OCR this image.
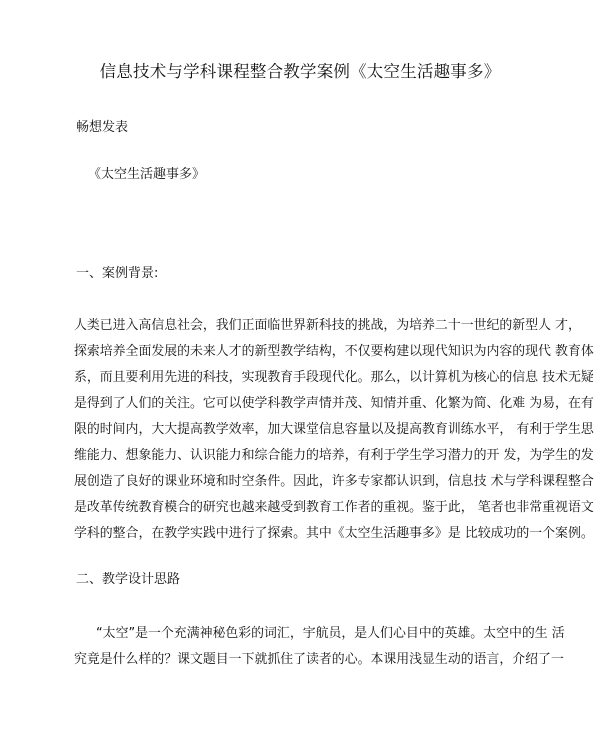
信息技术与学科课程整合教学案例《太空生活趣事多》
畅想发表
《太空生活趣事多》
一、案例背景:
人类已进入高信息社会，我们正面临世界新科技的挑战，为培养二十一世纪的新型人 才，
探索培养全面发展的未来人才的新型教学结构，不仅要构建以现代知识为内容的现代 教育体
系，而且要利用先进的科技，实现教育手段现代化。那么，以计算机为核心的信息 技术无疑
是得到了人们的关注。它可以使学科教学声情并茂、知情并重、化繁为简、化难 为易，在有
限的时间内，大大提高教学效率，加大课堂信息容量以及提高教育训练水平， 有利于学生思
维能力、想象能力、认识能力和综合能力的培养，有利于学生学习潜力的开 发，为学生的发
展创造了良好的课业环境和时空条件。因此，许多专家都认识到，信息技 术与学科课程整合
是改革传统教育模合的研究也越来越受到教育工作者的重视。鉴于此， 笔者也非常重视语文
学科的整合，在教学实践中进行了探索。其中《太空生活趣事多》是 比较成功的一个案例。
二、教学设计思路
“太空”是一个充满神秘色彩的词汇，宇航员，是人们心目中的英雄。太空中的生 活
究竟是什么样的？课文题目一下就抓住了读者的心。本课用浅显生动的语言，介绍了一
